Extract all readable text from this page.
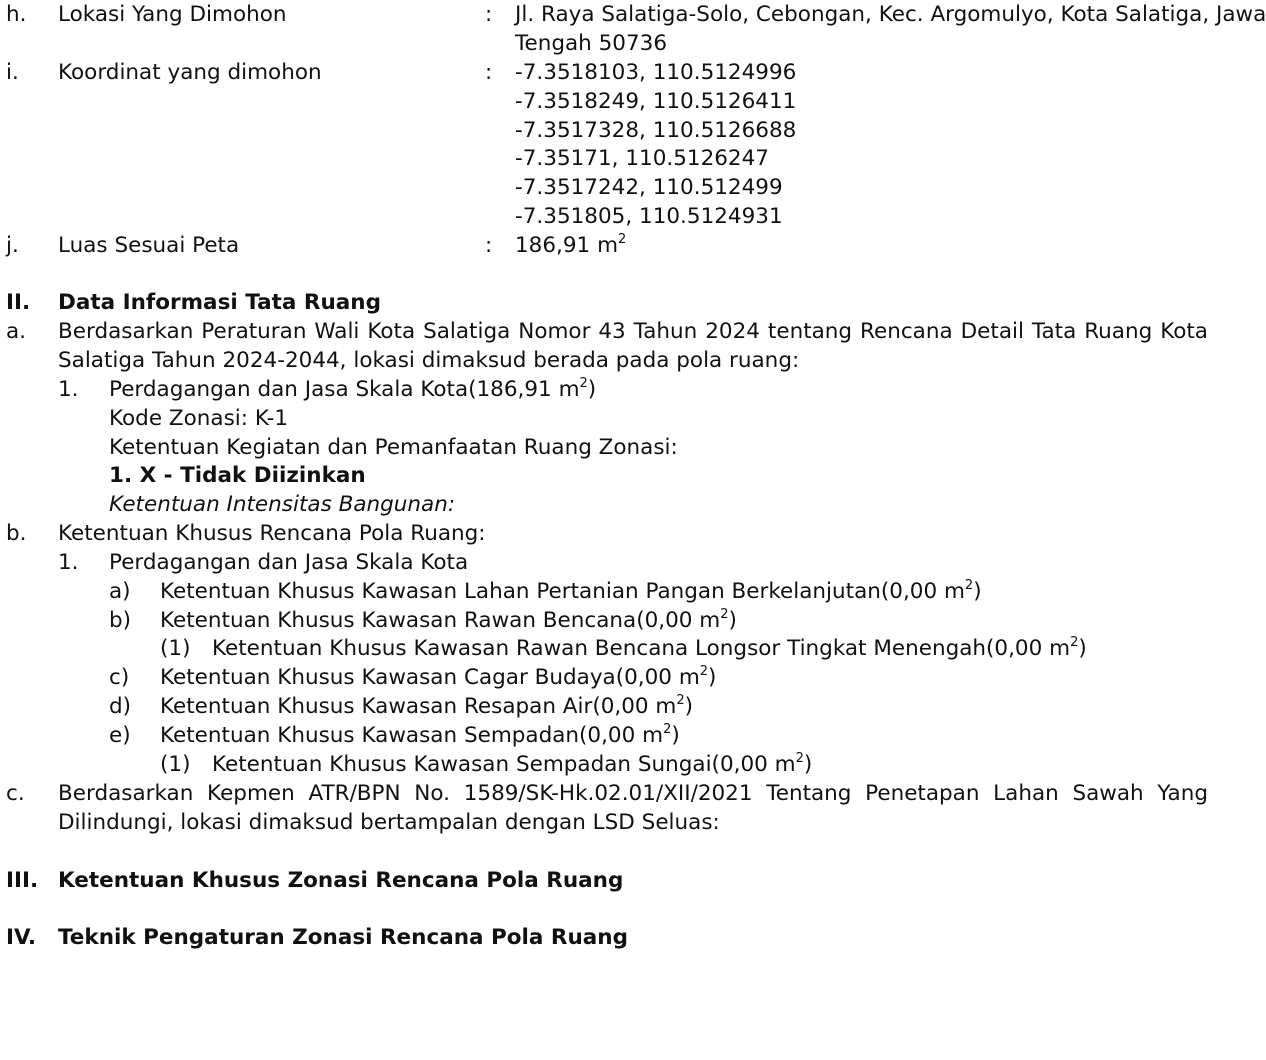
h. Lokasi Yang Dimohon	: Jl. Raya Salatiga-Solo, Cebongan, Kec. Argomulyo, Kota Salatiga, Jawa
Tengah 50736
i. Koordinat yang dimohon	: -7.3518103, 110.5124996
-7.3518249, 110.5126411
-7.3517328, 110.5126688
-7.35171, 110.5126247
-7.3517242, 110.512499
-7.351805, 110.5124931
j. Luas Sesuai Peta	: 186,91 $m^2$
II. Data Informasi Tata Ruang
a. Berdasarkan Peraturan Wali Kota Salatiga Nomor 43 Tahun 2024 tentang Rencana Detail Tata Ruang Kota
Salatiga Tahun 2024-2044, lokasi dimaksud berada pada pola ruang:
1. Perdagangan dan Jasa Skala Kota(186,91 $m^2$)
Kode Zonasi: K-1
Ketentuan Kegiatan dan Pemanfaatan Ruang Zonasi:
1. X - Tidak Diizinkan
Ketentuan Intensitas Bangunan:
b. Ketentuan Khusus Rencana Pola Ruang:
1. Perdagangan dan Jasa Skala Kota
a) Ketentuan Khusus Kawasan Lahan Pertanian Pangan Berkelanjutan(0,00 $m^2$)
b) Ketentuan Khusus Kawasan Rawan Bencana(0,00 $m^2$)
(1) Ketentuan Khusus Kawasan Rawan Bencana Longsor Tingkat Menengah(0,00 $m^2$)
c) Ketentuan Khusus Kawasan Cagar Budaya(0,00 $m^2$)
d) Ketentuan Khusus Kawasan Resapan Air(0,00 $m^2$)
e) Ketentuan Khusus Kawasan Sempadan(0,00 $m^2$)
(1) Ketentuan Khusus Kawasan Sempadan Sungai(0,00 $m^2$)
c. Berdasarkan Kepmen ATR/BPN No. 1589/SK-Hk.02.01/XII/2021 Tentang Penetapan Lahan Sawah Yang
Dilindungi, lokasi dimaksud bertampalan dengan LSD Seluas:
III. Ketentuan Khusus Zonasi Rencana Pola Ruang
IV. Teknik Pengaturan Zonasi Rencana Pola Ruang
